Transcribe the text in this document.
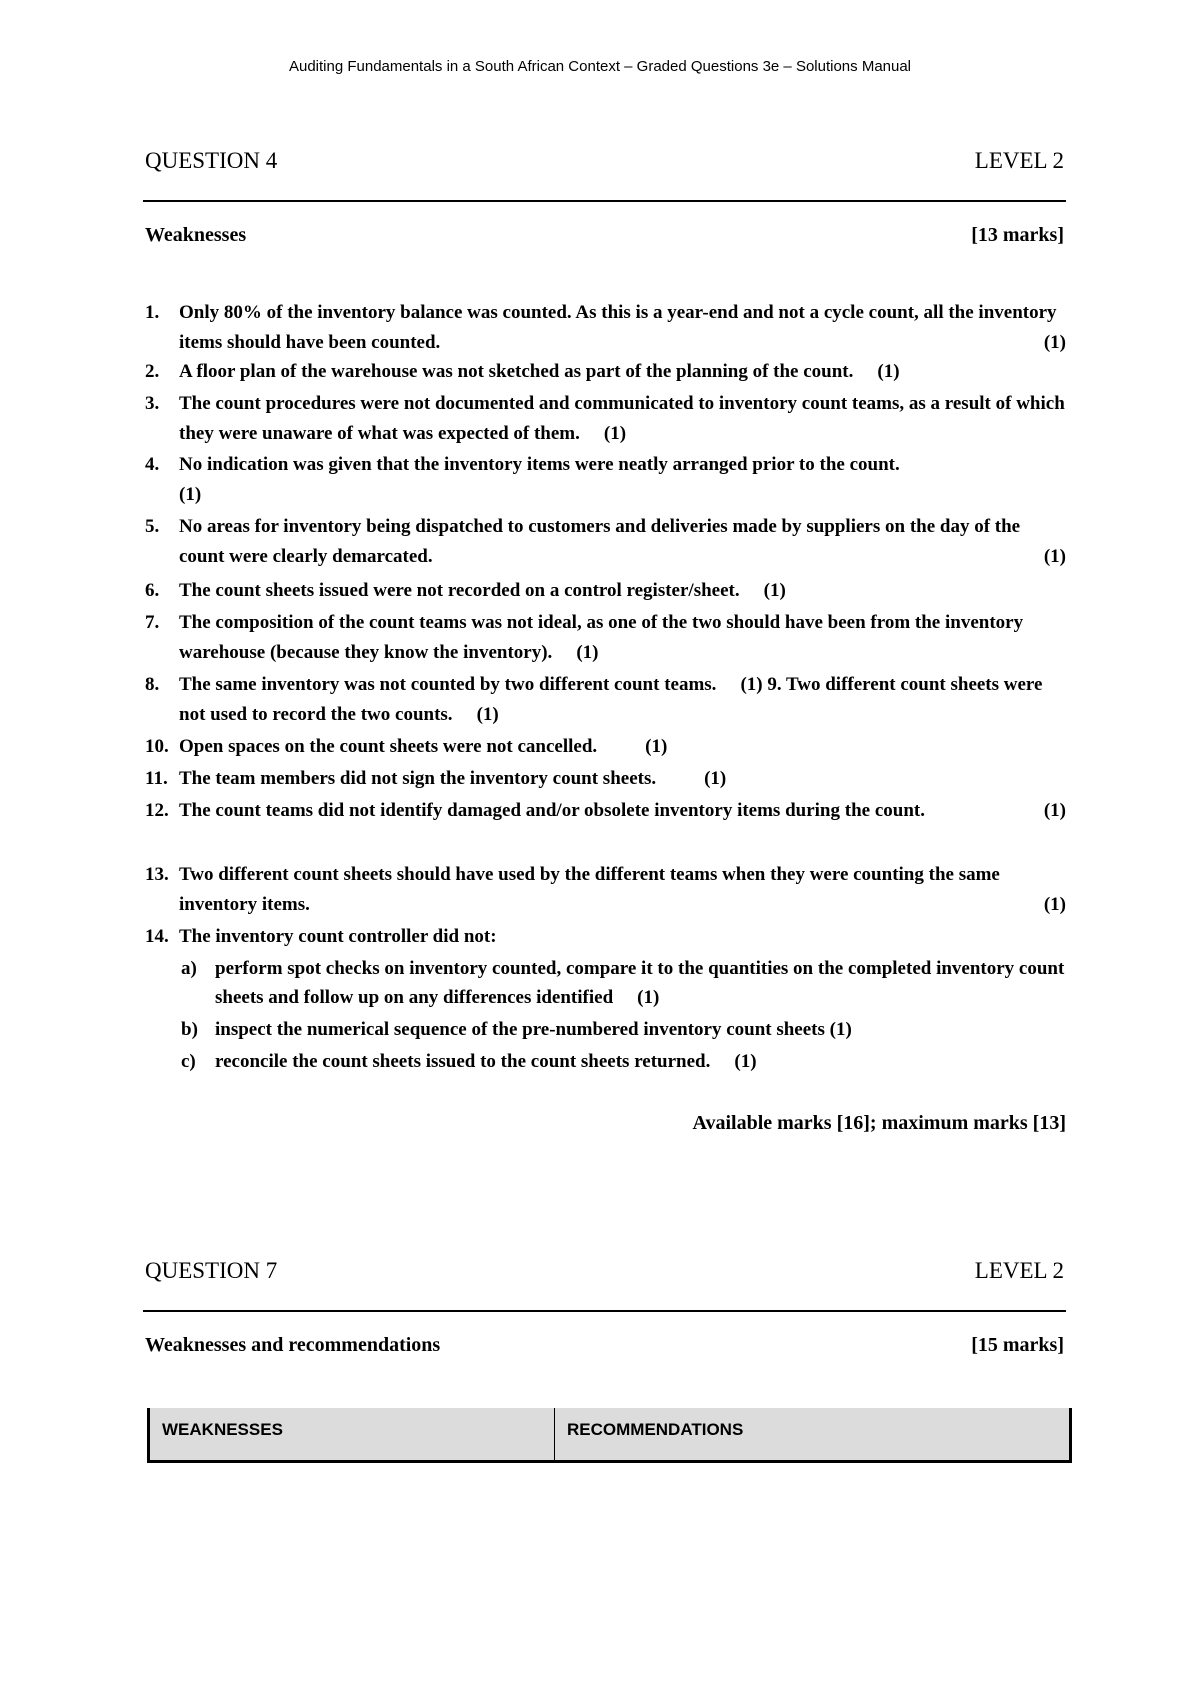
Auditing Fundamentals in a South African Context – Graded Questions 3e – Solutions Manual
QUESTION 4	LEVEL 2
Weaknesses	[13 marks]
1. Only 80% of the inventory balance was counted. As this is a year-end and not a cycle count, all the inventory items should have been counted.	(1)
2. A floor plan of the warehouse was not sketched as part of the planning of the count. (1)
3. The count procedures were not documented and communicated to inventory count teams, as a result of which they were unaware of what was expected of them. (1)
4. No indication was given that the inventory items were neatly arranged prior to the count.
(1)
5. No areas for inventory being dispatched to customers and deliveries made by suppliers on the day of the count were clearly demarcated.	(1)
6. The count sheets issued were not recorded on a control register/sheet. (1)
7. The composition of the count teams was not ideal, as one of the two should have been from the inventory warehouse (because they know the inventory). (1)
8. The same inventory was not counted by two different count teams. (1) 9. Two different count sheets were not used to record the two counts. (1)
10. Open spaces on the count sheets were not cancelled.	(1)
11. The team members did not sign the inventory count sheets.	(1)
12. The count teams did not identify damaged and/or obsolete inventory items during the count.	(1)
13. Two different count sheets should have used by the different teams when they were counting the same inventory items.	(1)
14. The inventory count controller did not:
a) perform spot checks on inventory counted, compare it to the quantities on the completed inventory count sheets and follow up on any differences identified (1)
b) inspect the numerical sequence of the pre-numbered inventory count sheets (1)
c) reconcile the count sheets issued to the count sheets returned. (1)
Available marks [16]; maximum marks [13]
QUESTION 7	LEVEL 2
Weaknesses and recommendations	[15 marks]
WEAKNESSES	RECOMMENDATIONS
